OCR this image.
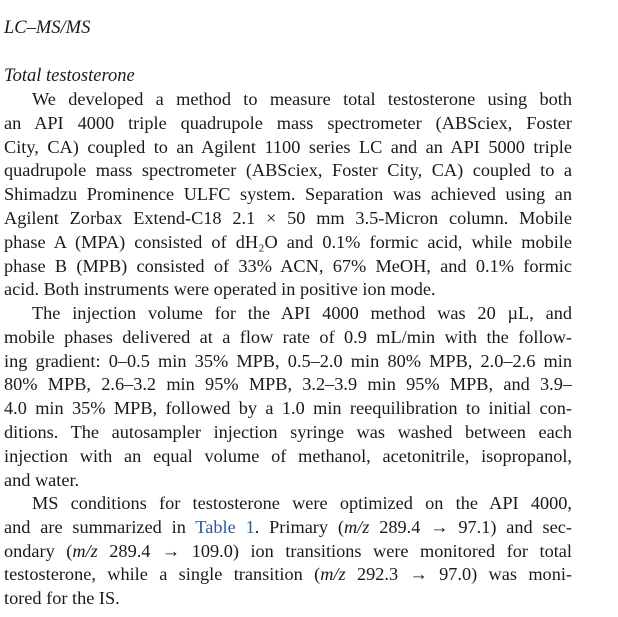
LC–MS/MS
Total testosterone

We developed a method to measure total testosterone using both
an API 4000 triple quadrupole mass spectrometer (ABSciex, Foster
City, CA) coupled to an Agilent 1100 series LC and an API 5000 triple
quadrupole mass spectrometer (ABSciex, Foster City, CA) coupled to a
Shimadzu Prominence ULFC system. Separation was achieved using an
Agilent Zorbax Extend-C18 2.1 × 50 mm 3.5-Micron column. Mobile
phase A (MPA) consisted of dH₂O and 0.1% formic acid, while mobile
phase B (MPB) consisted of 33% ACN, 67% MeOH, and 0.1% formic
acid. Both instruments were operated in positive ion mode.

The injection volume for the API 4000 method was 20 µL, and
mobile phases delivered at a flow rate of 0.9 mL/min with the follow-
ing gradient: 0–0.5 min 35% MPB, 0.5–2.0 min 80% MPB, 2.0–2.6 min
80% MPB, 2.6–3.2 min 95% MPB, 3.2–3.9 min 95% MPB, and 3.9–
4.0 min 35% MPB, followed by a 1.0 min reequilibration to initial con-
ditions. The autosampler injection syringe was washed between each
injection with an equal volume of methanol, acetonitrile, isopropanol,
and water.

MS conditions for testosterone were optimized on the API 4000,
and are summarized in Table 1. Primary (m/z 289.4 → 97.1) and sec-
ondary (m/z 289.4 → 109.0) ion transitions were monitored for total
testosterone, while a single transition (m/z 292.3 → 97.0) was moni-
tored for the IS.
